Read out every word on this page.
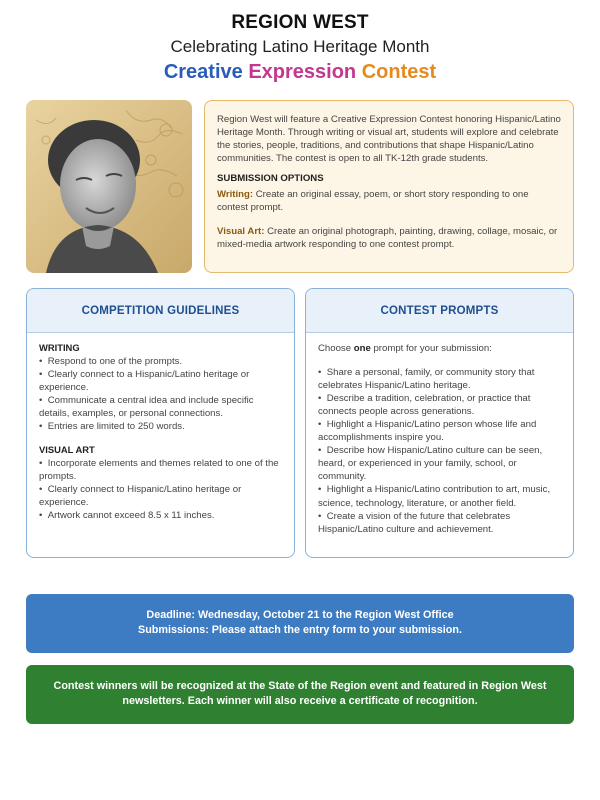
REGION WEST
Celebrating Latino Heritage Month
Creative Expression Contest
Region West will feature a Creative Expression Contest honoring Hispanic/Latino Heritage Month. Through writing or visual art, students will explore and celebrate the stories, people, traditions, and contributions that shape Hispanic/Latino communities. The contest is open to all TK-12th grade students.
SUBMISSION OPTIONS
Writing: Create an original essay, poem, or short story responding to one contest prompt.
Visual Art: Create an original photograph, painting, drawing, collage, mosaic, or mixed-media artwork responding to one contest prompt.
COMPETITION GUIDELINES
WRITING
•  Respond to one of the prompts.
•  Clearly connect to a Hispanic/Latino heritage or experience.
•  Communicate a central idea and include specific details, examples, or personal connections.
•  Entries are limited to 250 words.
VISUAL ART
•  Incorporate elements and themes related to one of the prompts.
•  Clearly connect to Hispanic/Latino heritage or experience.
•  Artwork cannot exceed 8.5 x 11 inches.
CONTEST PROMPTS
Choose one prompt for your submission:
•  Share a personal, family, or community story that celebrates Hispanic/Latino heritage.
•  Describe a tradition, celebration, or practice that connects people across generations.
•  Highlight a Hispanic/Latino person whose life and accomplishments inspire you.
•  Describe how Hispanic/Latino culture can be seen, heard, or experienced in your family, school, or community.
•  Highlight a Hispanic/Latino contribution to art, music, science, technology, literature, or another field.
•  Create a vision of the future that celebrates Hispanic/Latino culture and achievement.
Deadline: Wednesday, October 21 to the Region West Office
Submissions: Please attach the entry form to your submission.
Contest winners will be recognized at the State of the Region event and featured in Region West newsletters. Each winner will also receive a certificate of recognition.
